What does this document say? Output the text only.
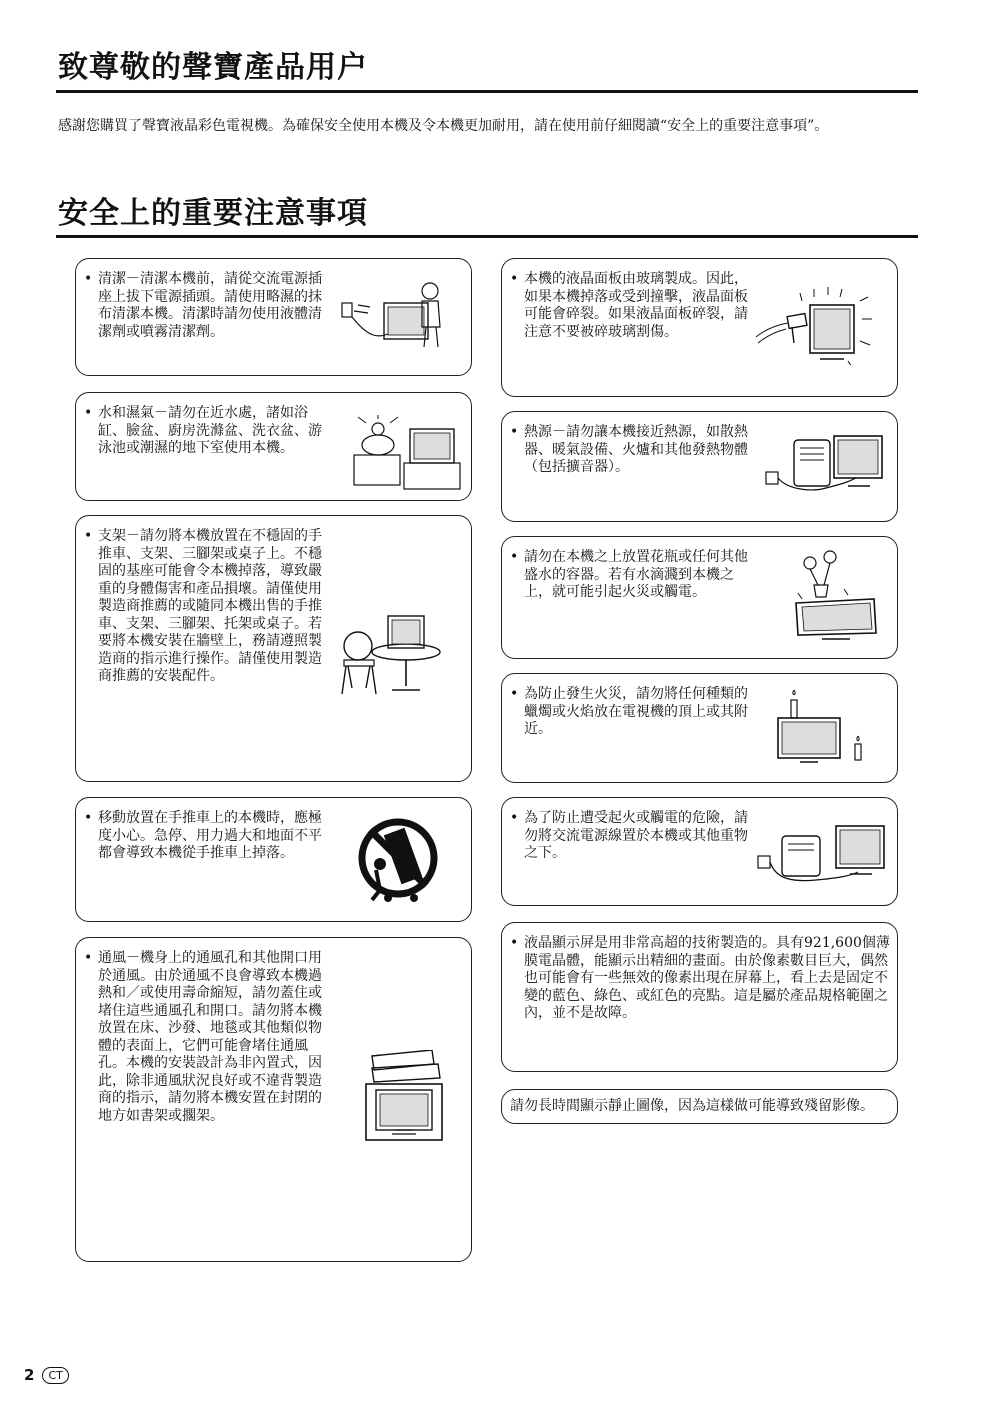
致尊敬的聲寶產品用户

感謝您購買了聲寶液晶彩色電視機。為確保安全使用本機及令本機更加耐用，請在使用前仔細閱讀“安全上的重要注意事項”。

安全上的重要注意事項

• 清潔－清潔本機前，請從交流電源插座上拔下電源插頭。請使用略濕的抹布清潔本機。清潔時請勿使用液體清潔劑或噴霧清潔劑。

• 水和濕氣－請勿在近水處，諸如浴缸、臉盆、廚房洗滌盆、洗衣盆、游泳池或潮濕的地下室使用本機。

• 支架－請勿將本機放置在不穩固的手推車、支架、三腳架或桌子上。不穩固的基座可能會令本機掉落，導致嚴重的身體傷害和產品損壞。請僅使用製造商推薦的或隨同本機出售的手推車、支架、三腳架、托架或桌子。若要將本機安裝在牆壁上，務請遵照製造商的指示進行操作。請僅使用製造商推薦的安裝配件。

• 移動放置在手推車上的本機時，應極度小心。急停、用力過大和地面不平都會導致本機從手推車上掉落。

• 通風－機身上的通風孔和其他開口用於通風。由於通風不良會導致本機過熱和／或使用壽命縮短，請勿蓋住或堵住這些通風孔和開口。請勿將本機放置在床、沙發、地毯或其他類似物體的表面上，它們可能會堵住通風孔。本機的安裝設計為非內置式，因此，除非通風狀況良好或不違背製造商的指示，請勿將本機安置在封閉的地方如書架或擱架。

• 本機的液晶面板由玻璃製成。因此，如果本機掉落或受到撞擊，液晶面板可能會碎裂。如果液晶面板碎裂，請注意不要被碎玻璃割傷。

• 熱源－請勿讓本機接近熱源，如散熱器、暖氣設備、火爐和其他發熱物體（包括擴音器）。

• 請勿在本機之上放置花瓶或任何其他盛水的容器。若有水滴濺到本機之上，就可能引起火災或觸電。

• 為防止發生火災，請勿將任何種類的蠟燭或火焰放在電視機的頂上或其附近。

• 為了防止遭受起火或觸電的危險，請勿將交流電源線置於本機或其他重物之下。

• 液晶顯示屏是用非常高超的技術製造的。具有921,600個薄膜電晶體，能顯示出精細的畫面。由於像素數目巨大，偶然也可能會有一些無效的像素出現在屏幕上，看上去是固定不變的藍色、綠色、或紅色的亮點。這是屬於產品規格範圍之內，並不是故障。

請勿長時間顯示靜止圖像，因為這樣做可能導致殘留影像。

2	CT
